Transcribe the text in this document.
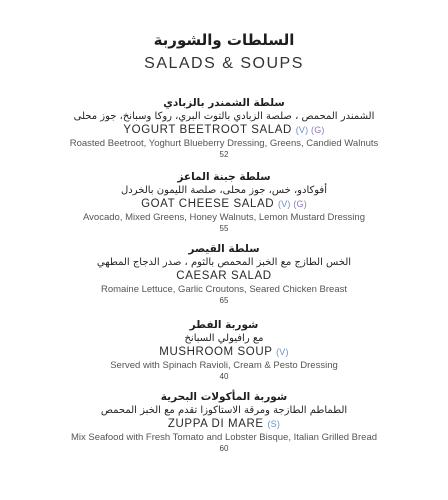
السلطات والشوربة
SALADS & SOUPS
سلطة الشمندر بالزبادي
الشمندر المحمص ، صلصة الزبادي بالتوت البري، روكا وسبانخ، جوز محلى
YOGURT BEETROOT SALAD (V) (G)
Roasted Beetroot, Yoghurt Blueberry Dressing, Greens, Candied Walnuts
52
سلطة جبنة الماعز
أفوكادو، خس، جوز محلى، صلصة الليمون بالخردل
GOAT CHEESE SALAD (V) (G)
Avocado, Mixed Greens, Honey Walnuts, Lemon Mustard Dressing
55
سلطة القيصر
الخس الطازج مع الخبز المحمص بالثوم ، صدر الدجاج المطهي
CAESAR SALAD
Romaine Lettuce, Garlic Croutons, Seared Chicken Breast
65
شوربة الفطر
مع رافيولي السبانخ
MUSHROOM SOUP (V)
Served with Spinach Ravioli, Cream & Pesto Dressing
40
شوربة المأكولات البحرية
الطماطم الطازجة ومرقة الاستاكوزا تقدم مع الخبز المحمص
ZUPPA DI MARE (S)
Mix Seafood with Fresh Tomato and Lobster Bisque, Italian Grilled Bread
60
